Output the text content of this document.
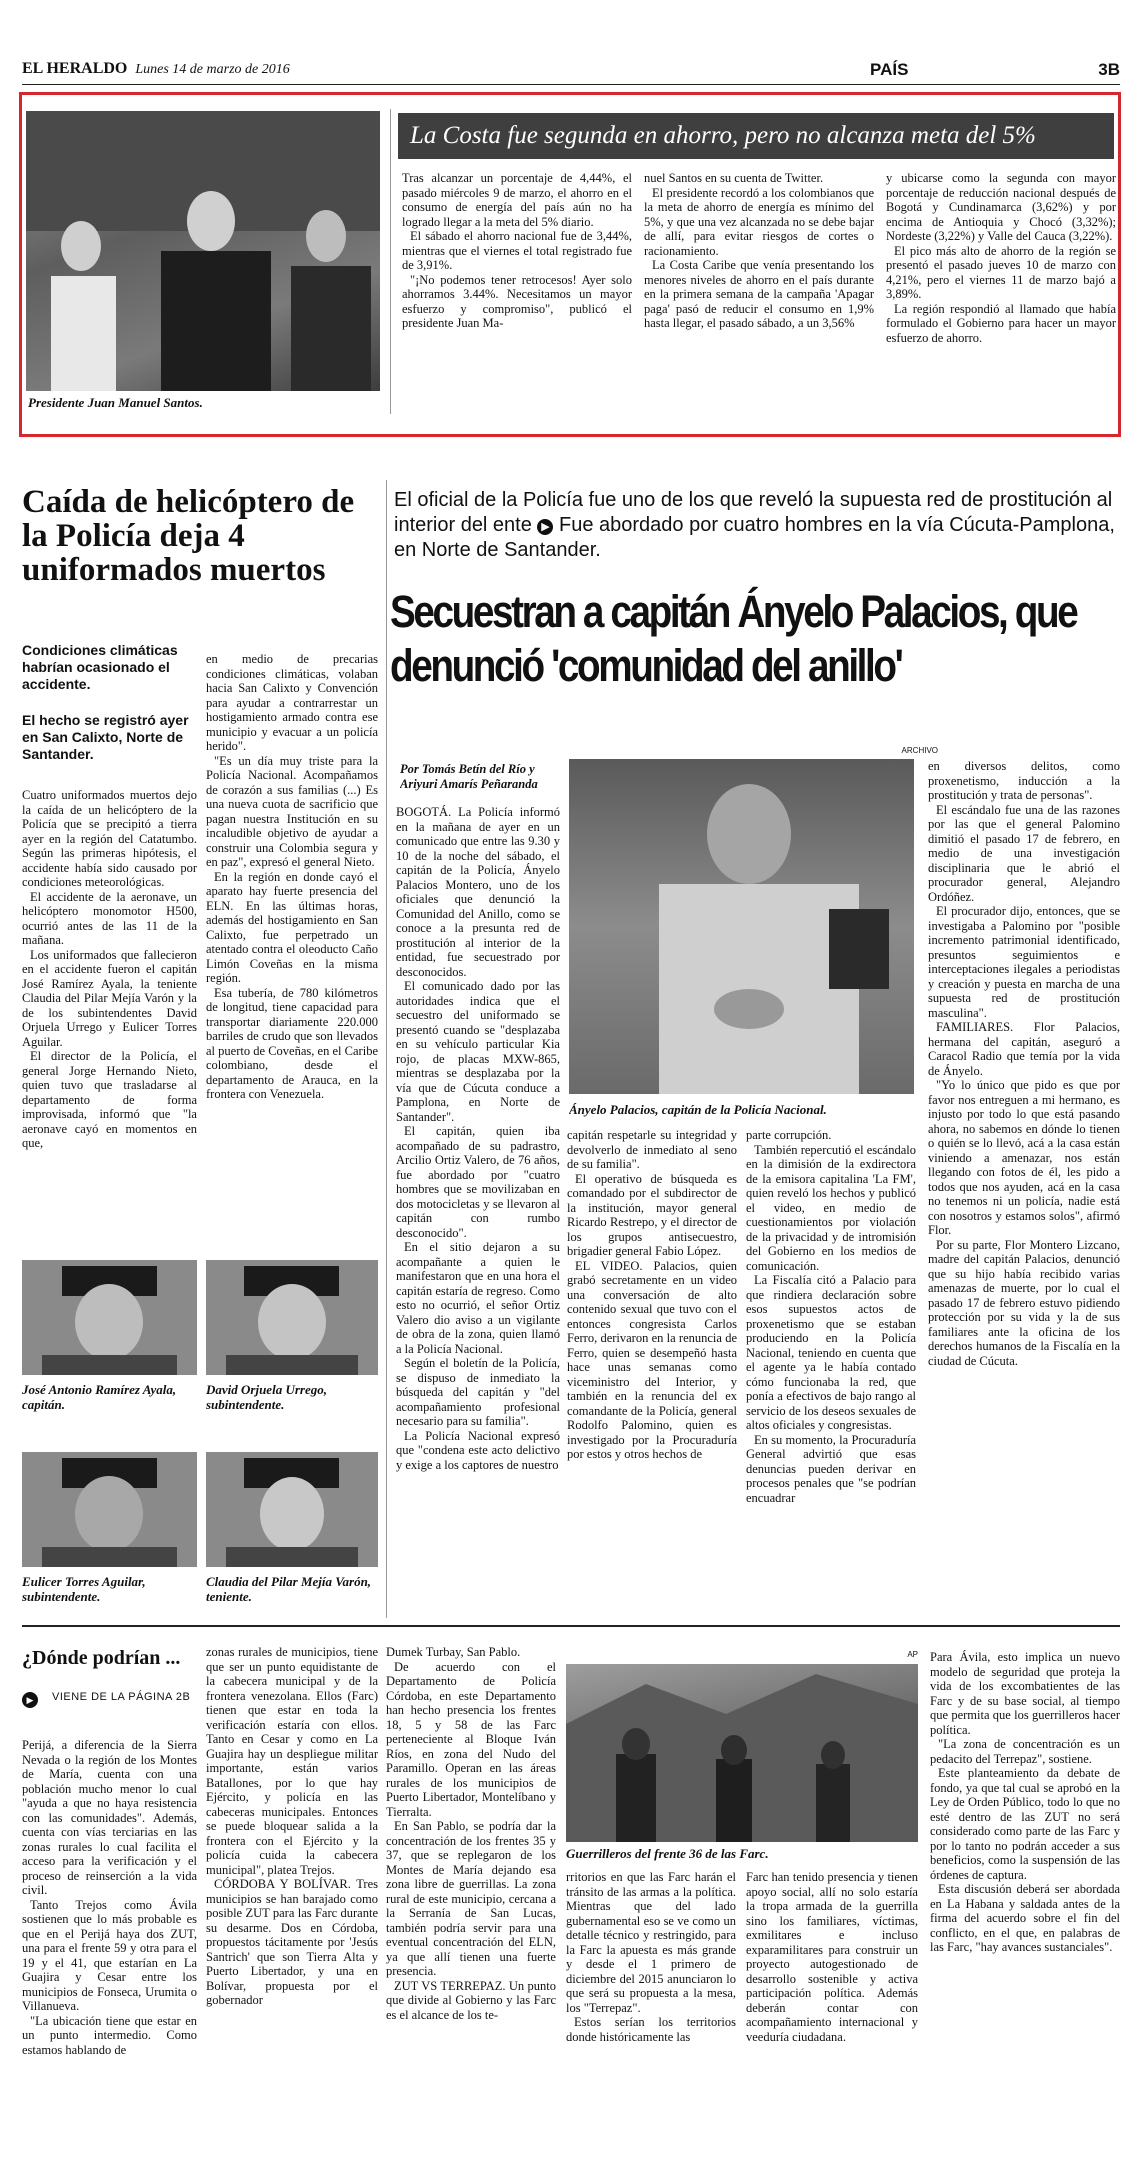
EL HERALDO Lunes 14 de marzo de 2016	PAÍS	3B
Presidente Juan Manuel Santos.
La Costa fue segunda en ahorro, pero no alcanza meta del 5%

Tras alcanzar un porcentaje de 4,44%, el pasado miércoles 9 de marzo, el ahorro en el consumo de energía del país aún no ha logrado llegar a la meta del 5% diario.

El sábado el ahorro nacional fue de 3,44%, mientras que el viernes el total registrado fue de 3,91%.

"¡No podemos tener retrocesos! Ayer solo ahorramos 3.44%. Necesitamos un mayor esfuerzo y compromiso", publicó el presidente Juan Ma-

nuel Santos en su cuenta de Twitter.

El presidente recordó a los colombianos que la meta de ahorro de energía es mínimo del 5%, y que una vez alcanzada no se debe bajar de allí, para evitar riesgos de cortes o racionamiento.

La Costa Caribe que venía presentando los menores niveles de ahorro en el país durante en la primera semana de la campaña 'Apagar paga' pasó de reducir el consumo en 1,9% hasta llegar, el pasado sábado, a un 3,56%

y ubicarse como la segunda con mayor porcentaje de reducción nacional después de Bogotá y Cundinamarca (3,62%) y por encima de Antioquia y Chocó (3,32%); Nordeste (3,22%) y Valle del Cauca (3,22%).

El pico más alto de ahorro de la región se presentó el pasado jueves 10 de marzo con 4,21%, pero el viernes 11 de marzo bajó a 3,89%.

La región respondió al llamado que había formulado el Gobierno para hacer un mayor esfuerzo de ahorro.

Caída de helicóptero de la Policía deja 4 uniformados muertos
Condiciones climáticas habrían ocasionado el accidente.
El hecho se registró ayer en San Calixto, Norte de Santander.

Cuatro uniformados muertos dejo la caída de un helicóptero de la Policía que se precipitó a tierra ayer en la región del Catatumbo. Según las primeras hipótesis, el accidente había sido causado por condiciones meteorológicas.

El accidente de la aeronave, un helicóptero monomotor H500, ocurrió antes de las 11 de la mañana.

Los uniformados que fallecieron en el accidente fueron el capitán José Ramírez Ayala, la teniente Claudia del Pilar Mejía Varón y la de los subintendentes David Orjuela Urrego y Eulicer Torres Aguilar.

El director de la Policía, el general Jorge Hernando Nieto, quien tuvo que trasladarse al departamento de forma improvisada, informó que "la aeronave cayó en momentos en que,

en medio de precarias condiciones climáticas, volaban hacia San Calixto y Convención para ayudar a contrarrestar un hostigamiento armado contra ese municipio y evacuar a un policía herido".

"Es un día muy triste para la Policía Nacional. Acompañamos de corazón a sus familias (...) Es una nueva cuota de sacrificio que pagan nuestra Institución en su incaludible objetivo de ayudar a construir una Colombia segura y en paz", expresó el general Nieto.

En la región en donde cayó el aparato hay fuerte presencia del ELN. En las últimas horas, además del hostigamiento en San Calixto, fue perpetrado un atentado contra el oleoducto Caño Limón Coveñas en la misma región.

Esa tubería, de 780 kilómetros de longitud, tiene capacidad para transportar diariamente 220.000 barriles de crudo que son llevados al puerto de Coveñas, en el Caribe colombiano, desde el departamento de Arauca, en la frontera con Venezuela.

José Antonio Ramírez Ayala, capitán.
David Orjuela Urrego, subintendente.
Eulicer Torres Aguilar, subintendente.
Claudia del Pilar Mejía Varón, teniente.
El oficial de la Policía fue uno de los que reveló la supuesta red de prostitución al interior del ente ▶ Fue abordado por cuatro hombres en la vía Cúcuta-Pamplona, en Norte de Santander.
Secuestran a capitán Ányelo Palacios, que denunció 'comunidad del anillo'
Por Tomás Betín del Río y Ariyuri Amarís Peñaranda
ARCHIVO
Ányelo Palacios, capitán de la Policía Nacional.

BOGOTÁ. La Policía informó en la mañana de ayer en un comunicado que entre las 9.30 y 10 de la noche del sábado, el capitán de la Policía, Ányelo Palacios Montero, uno de los oficiales que denunció la Comunidad del Anillo, como se conoce a la presunta red de prostitución al interior de la entidad, fue secuestrado por desconocidos.

El comunicado dado por las autoridades indica que el secuestro del uniformado se presentó cuando se "desplazaba en su vehículo particular Kia rojo, de placas MXW-865, mientras se desplazaba por la vía que de Cúcuta conduce a Pamplona, en Norte de Santander".

El capitán, quien iba acompañado de su padrastro, Arcilio Ortiz Valero, de 76 años, fue abordado por "cuatro hombres que se movilizaban en dos motocicletas y se llevaron al capitán con rumbo desconocido".

En el sitio dejaron a su acompañante a quien le manifestaron que en una hora el capitán estaría de regreso. Como esto no ocurrió, el señor Ortiz Valero dio aviso a un vigilante de obra de la zona, quien llamó a la Policía Nacional.

Según el boletín de la Policía, se dispuso de inmediato la búsqueda del capitán y "del acompañamiento profesional necesario para su familia".

La Policía Nacional expresó que "condena este acto delictivo y exige a los captores de nuestro

capitán respetarle su integridad y devolverlo de inmediato al seno de su familia".

El operativo de búsqueda es comandado por el subdirector de la institución, mayor general Ricardo Restrepo, y el director de los grupos antisecuestro, brigadier general Fabio López.

EL VIDEO. Palacios, quien grabó secretamente en un video una conversación de alto contenido sexual que tuvo con el entonces congresista Carlos Ferro, derivaron en la renuncia de Ferro, quien se desempeñó hasta hace unas semanas como viceministro del Interior, y también en la renuncia del ex comandante de la Policía, general Rodolfo Palomino, quien es investigado por la Procuraduría por estos y otros hechos de

parte corrupción.

También repercutió el escándalo en la dimisión de la exdirectora de la emisora capitalina 'La FM', quien reveló los hechos y publicó el video, en medio de cuestionamientos por violación de la privacidad y de intromisión del Gobierno en los medios de comunicación.

La Fiscalía citó a Palacio para que rindiera declaración sobre esos supuestos actos de proxenetismo que se estaban produciendo en la Policía Nacional, teniendo en cuenta que el agente ya le había contado cómo funcionaba la red, que ponía a efectivos de bajo rango al servicio de los deseos sexuales de altos oficiales y congresistas.

En su momento, la Procuraduría General advirtió que esas denuncias pueden derivar en procesos penales que "se podrían encuadrar

en diversos delitos, como proxenetismo, inducción a la prostitución y trata de personas".

El escándalo fue una de las razones por las que el general Palomino dimitió el pasado 17 de febrero, en medio de una investigación disciplinaria que le abrió el procurador general, Alejandro Ordóñez.

El procurador dijo, entonces, que se investigaba a Palomino por "posible incremento patrimonial identificado, presuntos seguimientos e interceptaciones ilegales a periodistas y creación y puesta en marcha de una supuesta red de prostitución masculina".

FAMILIARES. Flor Palacios, hermana del capitán, aseguró a Caracol Radio que temía por la vida de Ányelo.

"Yo lo único que pido es que por favor nos entreguen a mi hermano, es injusto por todo lo que está pasando ahora, no sabemos en dónde lo tienen o quién se lo llevó, acá a la casa están viniendo a amenazar, nos están llegando con fotos de él, les pido a todos que nos ayuden, acá en la casa no tenemos ni un policía, nadie está con nosotros y estamos solos", afirmó Flor.

Por su parte, Flor Montero Lizcano, madre del capitán Palacios, denunció que su hijo había recibido varias amenazas de muerte, por lo cual el pasado 17 de febrero estuvo pidiendo protección por su vida y la de sus familiares ante la oficina de los derechos humanos de la Fiscalía en la ciudad de Cúcuta.

¿Dónde podrían ...
▶	VIENE DE LA PÁGINA 2B

Perijá, a diferencia de la Sierra Nevada o la región de los Montes de María, cuenta con una población mucho menor lo cual "ayuda a que no haya resistencia con las comunidades". Además, cuenta con vías terciarias en las zonas rurales lo cual facilita el acceso para la verificación y el proceso de reinserción a la vida civil.

Tanto Trejos como Ávila sostienen que lo más probable es que en el Perijá haya dos ZUT, una para el frente 59 y otra para el 19 y el 41, que estarían en La Guajira y Cesar entre los municipios de Fonseca, Urumita o Villanueva.

"La ubicación tiene que estar en un punto intermedio. Como estamos hablando de

zonas rurales de municipios, tiene que ser un punto equidistante de la cabecera municipal y de la frontera venezolana. Ellos (Farc) tienen que estar en toda la verificación estaría con ellos. Tanto en Cesar y como en La Guajira hay un despliegue militar importante, están varios Batallones, por lo que hay Ejército, y policía en las cabeceras municipales. Entonces se puede bloquear salida a la frontera con el Ejército y la policía cuida la cabecera municipal", platea Trejos.

CÓRDOBA Y BOLÍVAR. Tres municipios se han barajado como posible ZUT para las Farc durante su desarme. Dos en Córdoba, propuestos tácitamente por 'Jesús Santrich' que son Tierra Alta y Puerto Libertador, y una en Bolívar, propuesta por el gobernador

Dumek Turbay, San Pablo.

De acuerdo con el Departamento de Policía Córdoba, en este Departamento han hecho presencia los frentes 18, 5 y 58 de las Farc perteneciente al Bloque Iván Ríos, en zona del Nudo del Paramillo. Operan en las áreas rurales de los municipios de Puerto Libertador, Montelíbano y Tierralta.

En San Pablo, se podría dar la concentración de los frentes 35 y 37, que se replegaron de los Montes de María dejando esa zona libre de guerrillas. La zona rural de este municipio, cercana a la Serranía de San Lucas, también podría servir para una eventual concentración del ELN, ya que allí tienen una fuerte presencia.

ZUT VS TERREPAZ. Un punto que divide al Gobierno y las Farc es el alcance de los te-

AP
Guerrilleros del frente 36 de las Farc.

rritorios en que las Farc harán el tránsito de las armas a la política. Mientras que del lado gubernamental eso se ve como un detalle técnico y restringido, para la Farc la apuesta es más grande y desde el 1 primero de diciembre del 2015 anunciaron lo que será su propuesta a la mesa, los "Terrepaz".

Estos serían los territorios donde históricamente las

Farc han tenido presencia y tienen apoyo social, allí no solo estaría la tropa armada de la guerrilla sino los familiares, víctimas, exmilitares e incluso exparamilitares para construir un proyecto autogestionado de desarrollo sostenible y activa participación política. Además deberán contar con acompañamiento internacional y veeduría ciudadana.

Para Ávila, esto implica un nuevo modelo de seguridad que proteja la vida de los excombatientes de las Farc y de su base social, al tiempo que permita que los guerrilleros hacer política.

"La zona de concentración es un pedacito del Terrepaz", sostiene.

Este planteamiento da debate de fondo, ya que tal cual se aprobó en la Ley de Orden Público, todo lo que no esté dentro de las ZUT no será considerado como parte de las Farc y por lo tanto no podrán acceder a sus beneficios, como la suspensión de las órdenes de captura.

Esta discusión deberá ser abordada en La Habana y saldada antes de la firma del acuerdo sobre el fin del conflicto, en el que, en palabras de las Farc, "hay avances sustanciales".
